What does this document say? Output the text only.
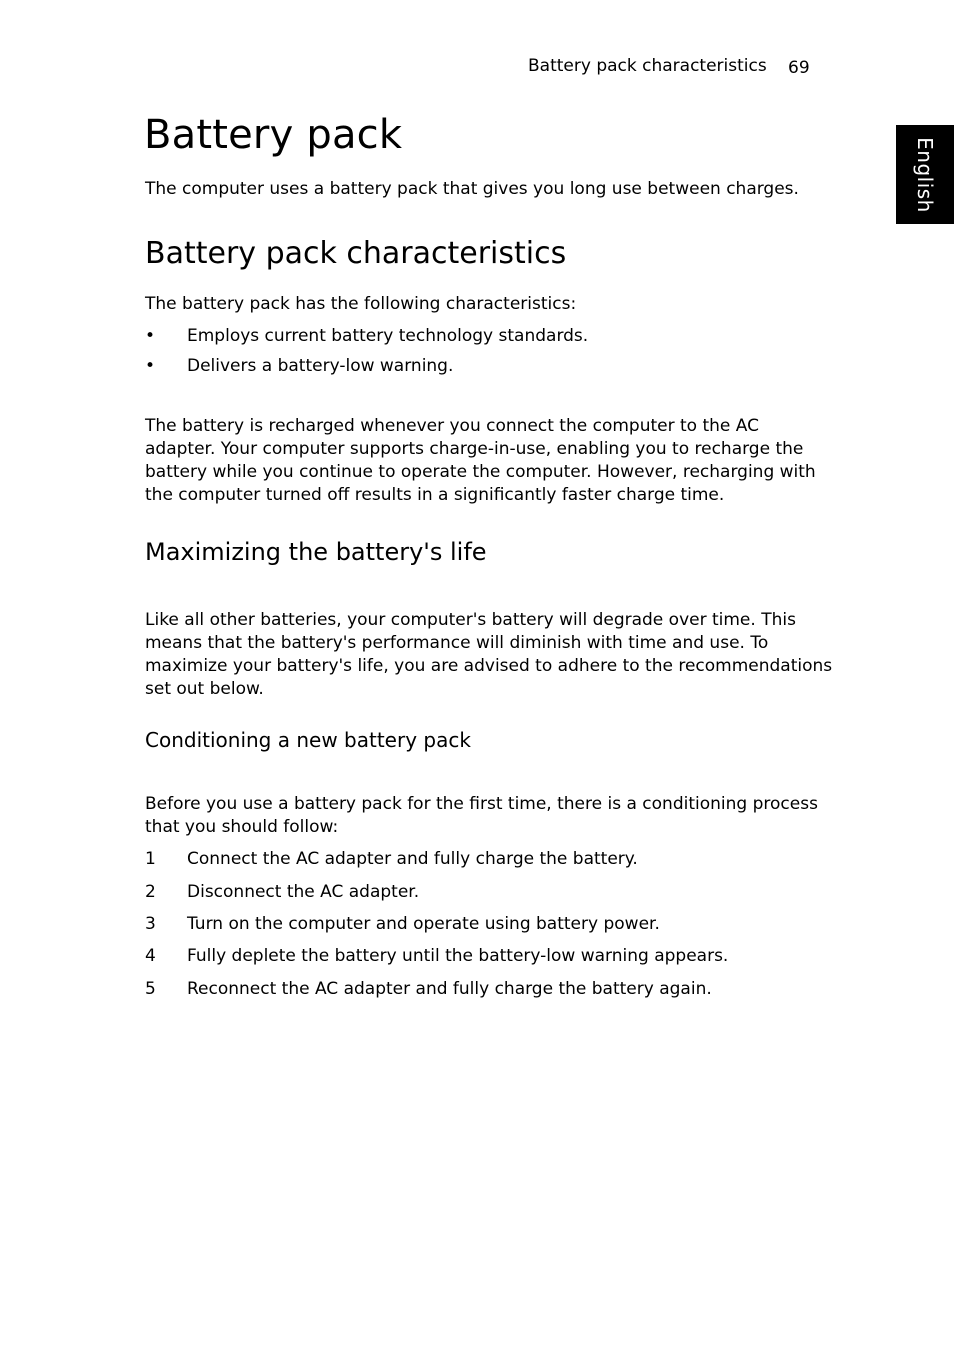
Battery pack characteristics 69
English
Battery pack
The computer uses a battery pack that gives you long use between charges.
Battery pack characteristics
The battery pack has the following characteristics:
• Employs current battery technology standards.
• Delivers a battery-low warning.
The battery is recharged whenever you connect the computer to the AC
adapter. Your computer supports charge-in-use, enabling you to recharge the
battery while you continue to operate the computer. However, recharging with
the computer turned off results in a significantly faster charge time.
Maximizing the battery's life
Like all other batteries, your computer's battery will degrade over time. This
means that the battery's performance will diminish with time and use. To
maximize your battery's life, you are advised to adhere to the recommendations
set out below.
Conditioning a new battery pack
Before you use a battery pack for the first time, there is a conditioning process
that you should follow:
1 Connect the AC adapter and fully charge the battery.
2 Disconnect the AC adapter.
3 Turn on the computer and operate using battery power.
4 Fully deplete the battery until the battery-low warning appears.
5 Reconnect the AC adapter and fully charge the battery again.
